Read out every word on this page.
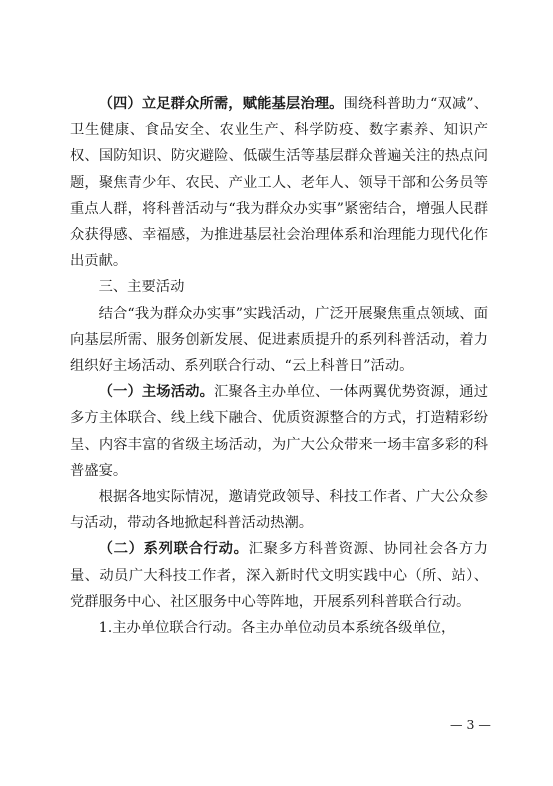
（四）立足群众所需，赋能基层治理。围绕科普助力“双减”、卫生健康、食品安全、农业生产、科学防疫、数字素养、知识产权、国防知识、防灾避险、低碳生活等基层群众普遍关注的热点问题，聚焦青少年、农民、产业工人、老年人、领导干部和公务员等重点人群，将科普活动与“我为群众办实事”紧密结合，增强人民群众获得感、幸福感，为推进基层社会治理体系和治理能力现代化作出贡献。

三、主要活动

结合“我为群众办实事”实践活动，广泛开展聚焦重点领域、面向基层所需、服务创新发展、促进素质提升的系列科普活动，着力组织好主场活动、系列联合行动、“云上科普日”活动。

（一）主场活动。汇聚各主办单位、一体两翼优势资源，通过多方主体联合、线上线下融合、优质资源整合的方式，打造精彩纷呈、内容丰富的省级主场活动，为广大公众带来一场丰富多彩的科普盛宴。

根据各地实际情况，邀请党政领导、科技工作者、广大公众参与活动，带动各地掀起科普活动热潮。

（二）系列联合行动。汇聚多方科普资源、协同社会各方力量、动员广大科技工作者，深入新时代文明实践中心（所、站）、党群服务中心、社区服务中心等阵地，开展系列科普联合行动。

1.主办单位联合行动。各主办单位动员本系统各级单位，

— 3 —
